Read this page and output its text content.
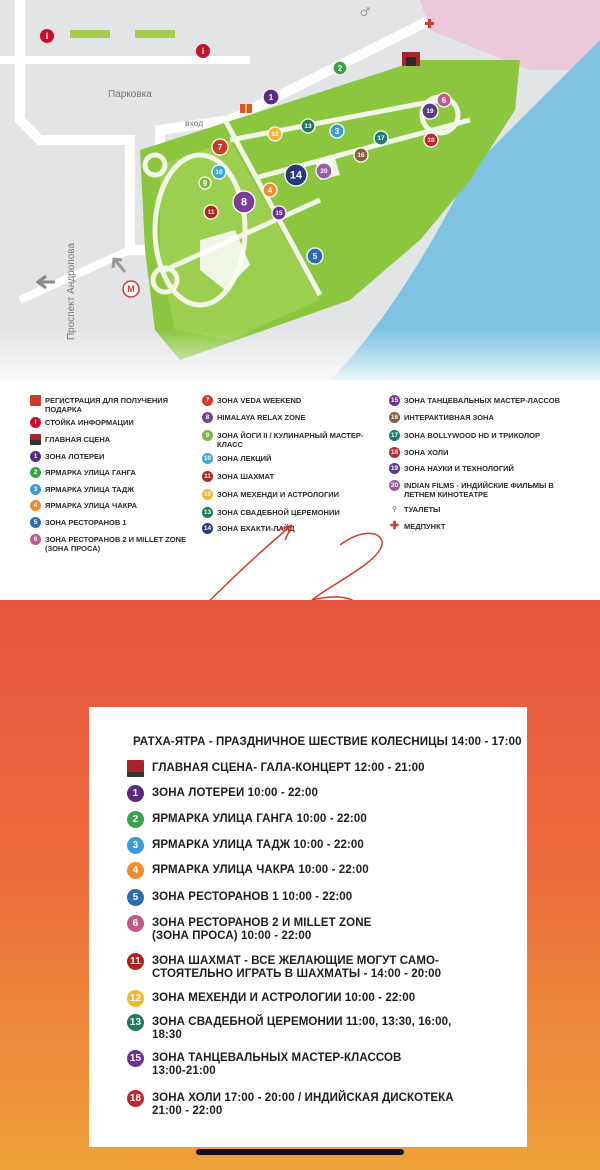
Парковка
вход
Проспект Андропова	М
i
i
♂
1
2
3
4
5
6
7
8
9
10
11
12
13
14
15
16
17	18
19
20
РЕГИСТРАЦИЯ ДЛЯ ПОЛУЧЕНИЯ ПОДАРКА
I	СТОЙКА ИНФОРМАЦИИ
ГЛАВНАЯ СЦЕНА
1	ЗОНА ЛОТЕРЕИ
2	ЯРМАРКА УЛИЦА ГАНГА
3	ЯРМАРКА УЛИЦА ТАДЖ
4	ЯРМАРКА УЛИЦА ЧАКРА
5	ЗОНА РЕСТОРАНОВ 1
6	ЗОНА РЕСТОРАНОВ 2 И MILLET ZONE (ЗОНА ПРОСА)
7	ЗОНА VEDA WEEKEND
8	HIMALAYA RELAX ZONE
9	ЗОНА ЙОГИ II / КУЛИНАРНЫЙ МАСТЕР-КЛАСС
10 ЗОНА ЛЕКЦИЙ
11 ЗОНА ШАХМАТ
12 ЗОНА МЕХЕНДИ И АСТРОЛОГИИ
13 ЗОНА СВАДЕБНОЙ ЦЕРЕМОНИИ
14 ЗОНА БХАКТИ-ЛАЙД
15 ЗОНА ТАНЦЕВАЛЬНЫХ МАСТЕР-ЛАССОВ
16 ИНТЕРАКТИВНАЯ ЗОНА
17 ЗОНА BOLLYWOOD HD И ТРИКОЛОР
18 ЗОНА ХОЛИ
19 ЗОНА НАУКИ И ТЕХНОЛОГИЙ
20 INDIAN FILMS - ИНДИЙСКИЕ ФИЛЬМЫ В ЛЕТНЕМ КИНОТЕАТРЕ
⚲ ТУАЛЕТЫ
✚ МЕДПУНКТ
РАТХА-ЯТРА - ПРАЗДНИЧНОЕ ШЕСТВИЕ КОЛЕСНИЦЫ 14:00 - 17:00
ГЛАВНАЯ СЦЕНА- ГАЛА-КОНЦЕРТ 12:00 - 21:00
1	ЗОНА ЛОТЕРЕИ 10:00 - 22:00
2	ЯРМАРКА УЛИЦА ГАНГА 10:00 - 22:00
3	ЯРМАРКА УЛИЦА ТАДЖ 10:00 - 22:00
4	ЯРМАРКА УЛИЦА ЧАКРА 10:00 - 22:00
5	ЗОНА РЕСТОРАНОВ 1 10:00 - 22:00
6	ЗОНА РЕСТОРАНОВ 2 И MILLET ZONE
(ЗОНА ПРОСА) 10:00 - 22:00
11 ЗОНА ШАХМАТ - ВСЕ ЖЕЛАЮЩИЕ МОГУТ САМО-
СТОЯТЕЛЬНО ИГРАТЬ В ШАХМАТЫ - 14:00 - 20:00
12 ЗОНА МЕХЕНДИ И АСТРОЛОГИИ 10:00 - 22:00
13 ЗОНА СВАДЕБНОЙ ЦЕРЕМОНИИ 11:00, 13:30, 16:00,
18:30
15 ЗОНА ТАНЦЕВАЛЬНЫХ МАСТЕР-КЛАССОВ
13:00-21:00
18 ЗОНА ХОЛИ 17:00 - 20:00 / ИНДИЙСКАЯ ДИСКОТЕКА
21:00 - 22:00
